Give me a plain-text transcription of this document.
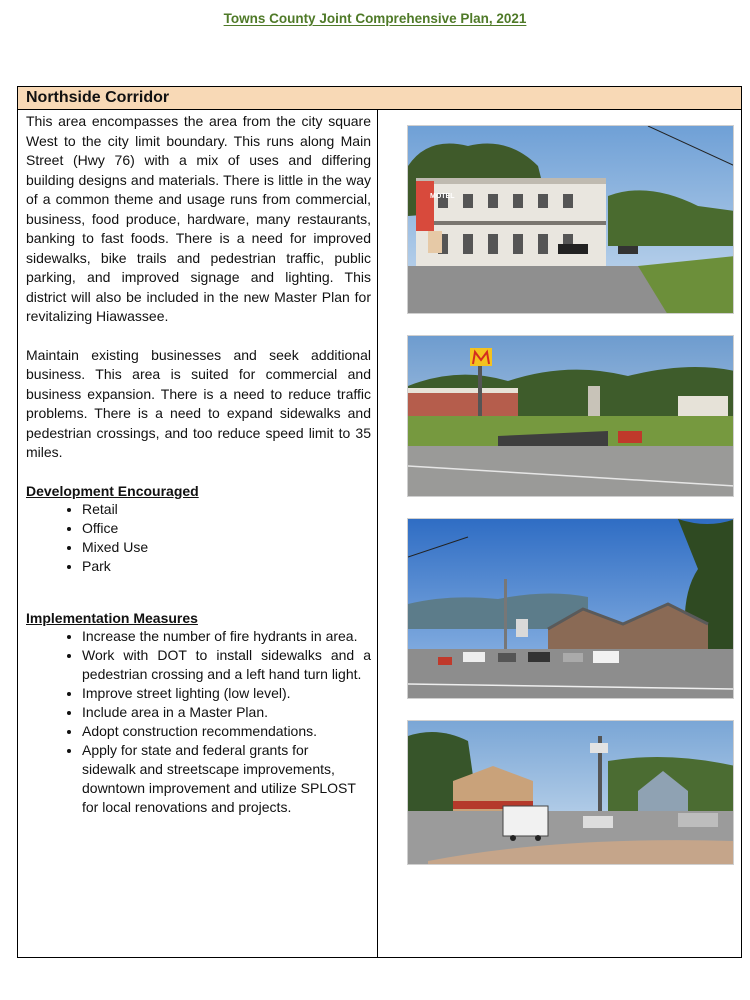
Towns County Joint Comprehensive Plan, 2021
Northside Corridor

This area encompasses the area from the city square West to the city limit boundary. This runs along Main Street (Hwy 76) with a mix of uses and differing building designs and materials. There is little in the way of a common theme and usage runs from commercial, business, food produce, hardware, many restaurants, banking to fast foods. There is a need for improved sidewalks, bike trails and pedestrian traffic, public parking, and improved signage and lighting. This district will also be included in the new Master Plan for revitalizing Hiawassee.

Maintain existing businesses and seek additional business. This area is suited for commercial and business expansion. There is a need to reduce traffic problems. There is a need to expand sidewalks and pedestrian crossings, and too reduce speed limit to 35 miles.

Development Encouraged

• Retail
• Office
• Mixed Use
• Park

Implementation Measures

• Increase the number of fire hydrants in area.
• Work with DOT to install sidewalks and a pedestrian crossing and a left hand turn light.
• Improve street lighting (low level).
• Include area in a Master Plan.
• Adopt construction recommendations.
• Apply for state and federal grants for sidewalk and streetscape improvements, downtown improvement and utilize SPLOST for local renovations and projects.
MOTEL
